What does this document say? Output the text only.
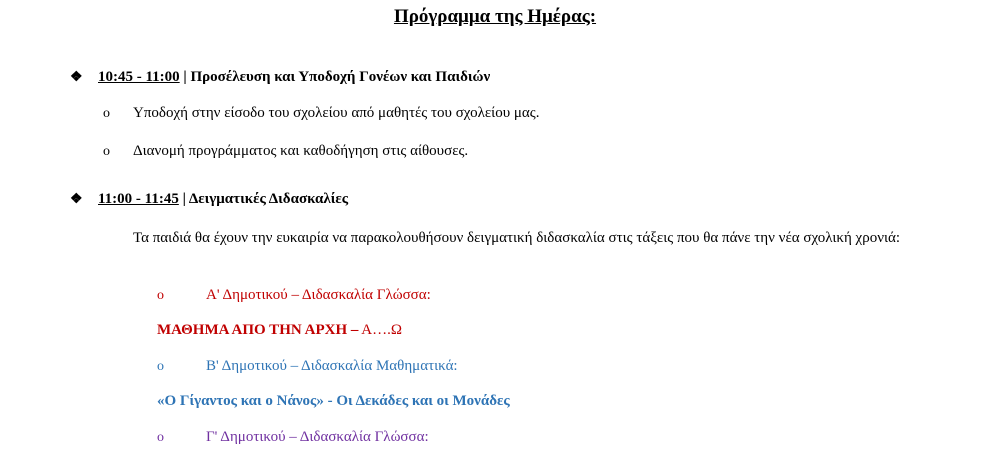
Πρόγραμμα της Ημέρας:
❖ 10:45 - 11:00 | Προσέλευση και Υποδοχή Γονέων και Παιδιών
o Υποδοχή στην είσοδο του σχολείου από μαθητές του σχολείου μας.
o Διανομή προγράμματος και καθοδήγηση στις αίθουσες.
❖ 11:00 - 11:45 | Δειγματικές Διδασκαλίες
Τα παιδιά θα έχουν την ευκαιρία να παρακολουθήσουν δειγματική διδασκαλία στις τάξεις που θα πάνε την νέα σχολική χρονιά:
o	Α' Δημοτικού – Διδασκαλία Γλώσσα:
ΜΑΘΗΜΑ ΑΠΟ ΤΗΝ ΑΡΧΗ – Α….Ω
o	Β' Δημοτικού – Διδασκαλία Μαθηματικά:
«Ο Γίγαντος και ο Νάνος» - Οι Δεκάδες και οι Μονάδες
o	Γ' Δημοτικού – Διδασκαλία Γλώσσα:
